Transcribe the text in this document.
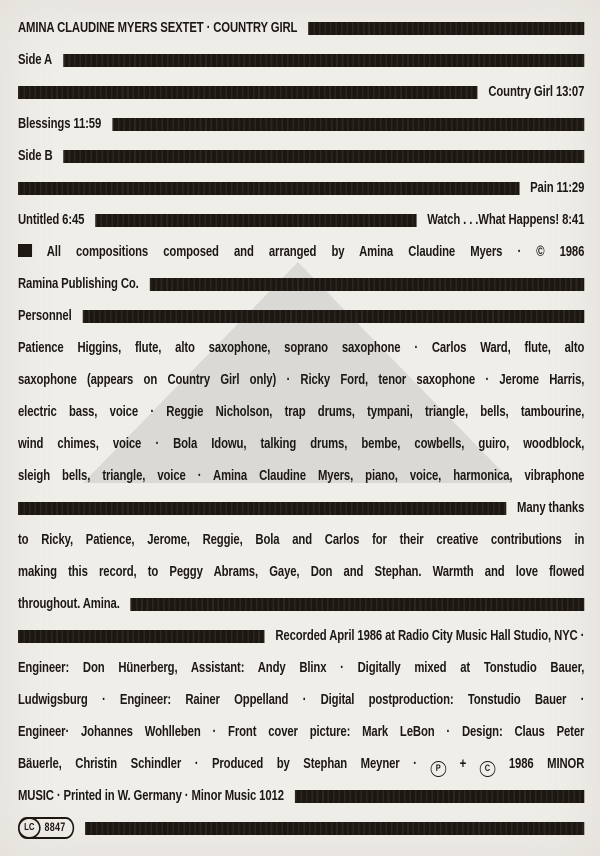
AMINA CLAUDINE MYERS SEXTET · COUNTRY GIRL
Side A
Country Girl 13:07
Blessings 11:59
Side B
Pain 11:29
Untitled 6:45	Watch . . .What Happens! 8:41
All compositions composed and arranged by Amina Claudine Myers · © 1986
Ramina Publishing Co.
Personnel
Patience Higgins, flute, alto saxophone, soprano saxophone · Carlos Ward, flute, alto
saxophone (appears on Country Girl only) · Ricky Ford, tenor saxophone · Jerome Harris,
electric bass, voice · Reggie Nicholson, trap drums, tympani, triangle, bells, tambourine,
wind chimes, voice · Bola Idowu, talking drums, bembe, cowbells, guiro, woodblock,
sleigh bells, triangle, voice · Amina Claudine Myers, piano, voice, harmonica, vibraphone
Many thanks
to Ricky, Patience, Jerome, Reggie, Bola and Carlos for their creative contributions in
making this record, to Peggy Abrams, Gaye, Don and Stephan. Warmth and love flowed
throughout. Amina.
Recorded April 1986 at Radio City Music Hall Studio, NYC ·
Engineer: Don Hünerberg, Assistant: Andy Blinx · Digitally mixed at Tonstudio Bauer,
Ludwigsburg · Engineer: Rainer Oppelland · Digital postproduction: Tonstudio Bauer ·
Engineer· Johannes Wohlleben · Front cover picture: Mark LeBon · Design: Claus Peter
Bäuerle, Christin Schindler · Produced by Stephan Meyner · P + C 1986 MINOR
MUSIC · Printed in W. Germany · Minor Music 1012
LC 8847
